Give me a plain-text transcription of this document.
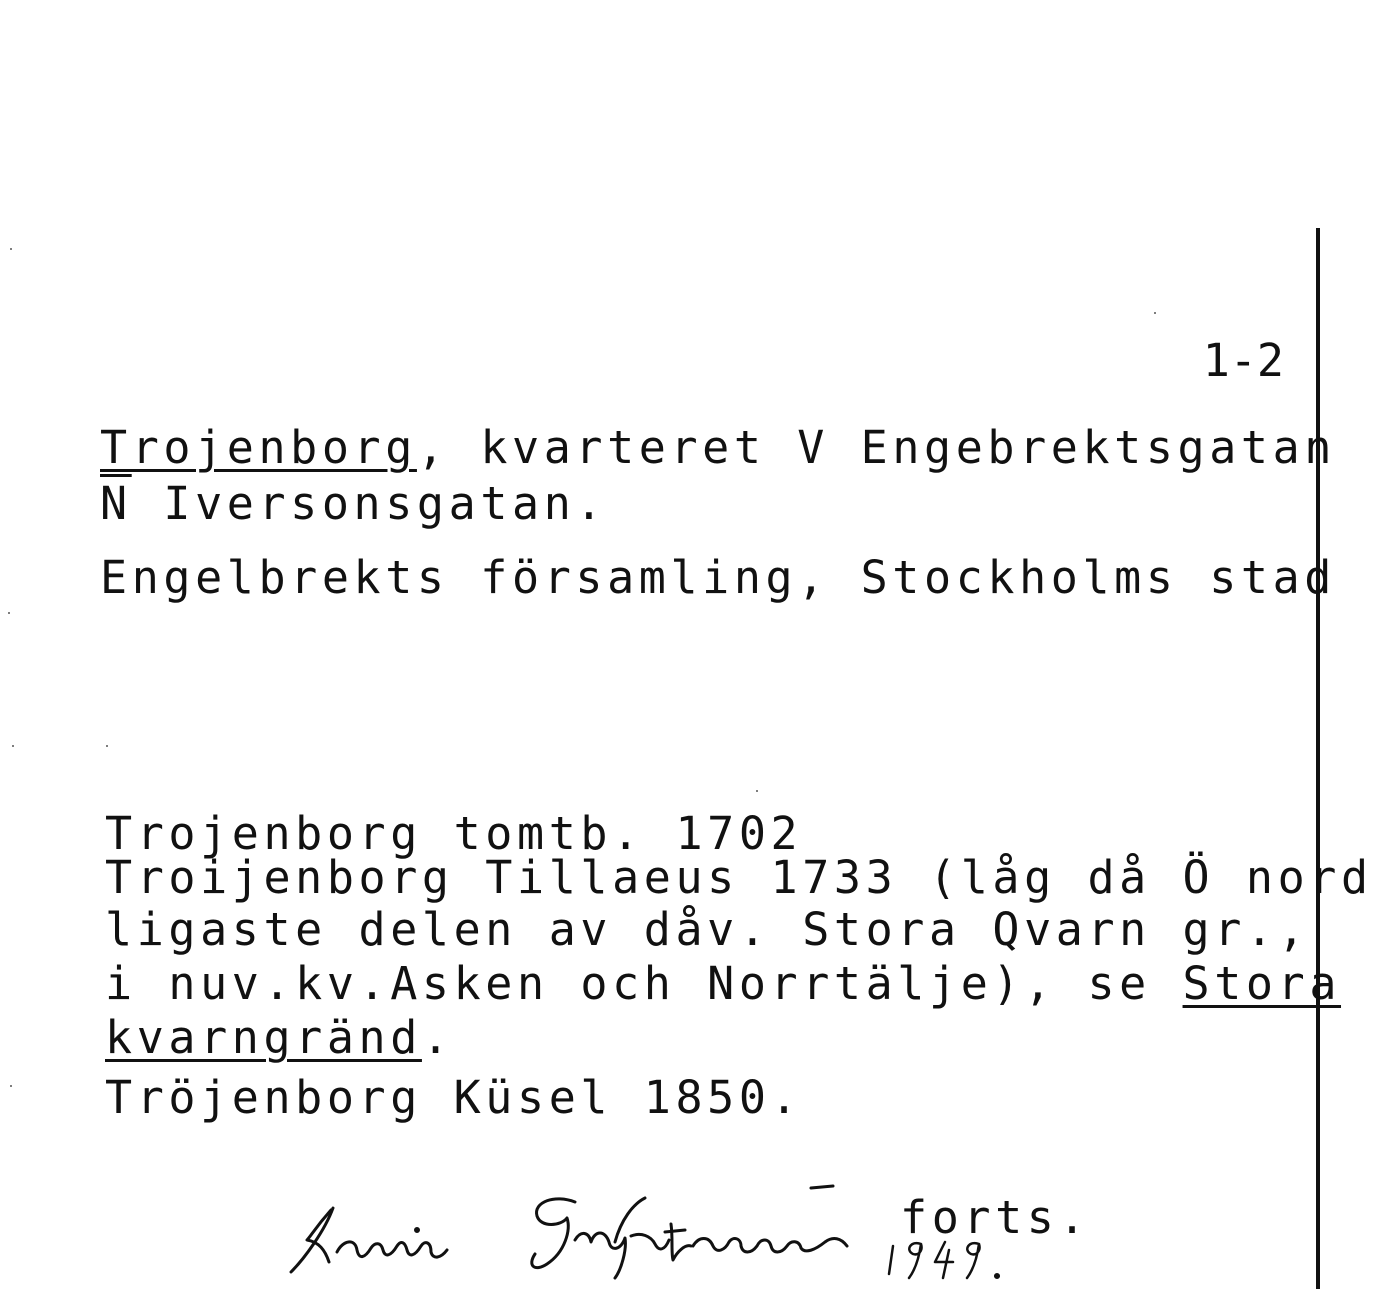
1-2
Trojenborg, kvarteret V Engebrektsgatan
$\overline{N}$ Iversonsgatan.
Engelbrekts församling, Stockholms stad
Trojenborg tomtb. 1702
Troijenborg Tillaeus 1733 (låg då Ö nord
ligaste delen av dåv. Stora Qvarn gr.,
i nuv.kv.Asken och Norrtälje), se Stora
kvarngränd.
Tröjenborg Küsel 1850.
forts.
